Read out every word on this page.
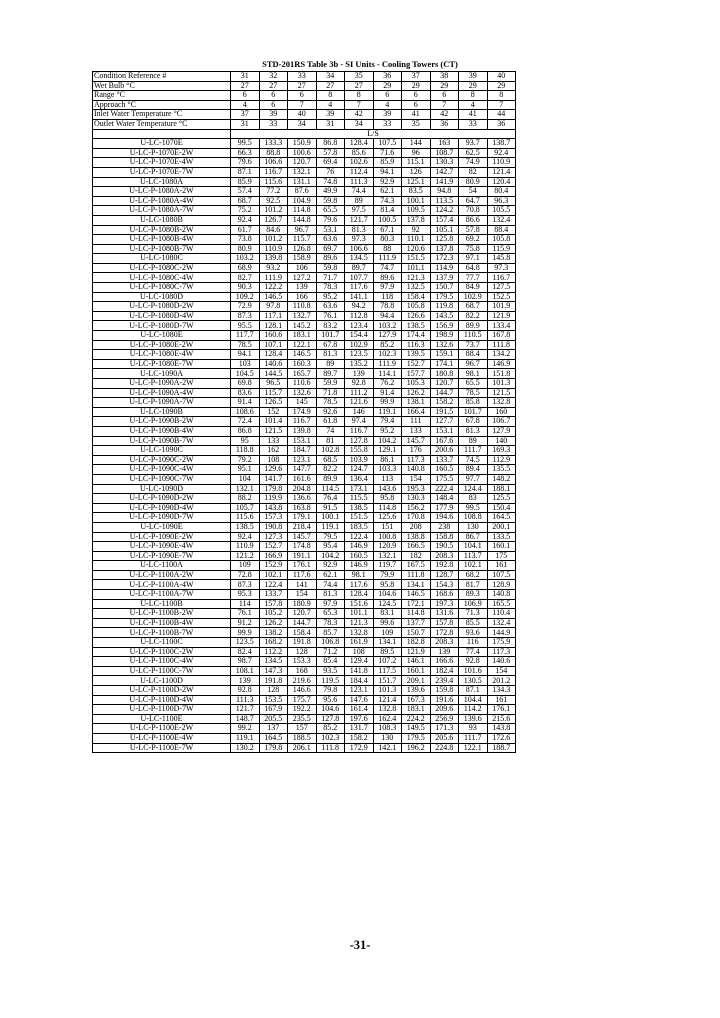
STD-201RS Table 3b - SI Units - Cooling Towers (CT)
Condition Reference #	31	32	33	34	35	36	37	38	39	40
Wet Bulb °C	27	27	27	27	27	29	29	29	29	29
Range °C	6	6	6	8	8	6	6	6	8	8
Approach °C	4	6	7	4	7	4	6	7	4	7
Inlet Water Temperature °C	37	39	40	39	42	39	41	42	41	44
Outlet Water Temperature °C	31	33	34	31	34	33	35	36	33	36
	L/S									
U-LC-1070E	99.5	133.3	150.9	86.8	128.4	107.5	144	163	93.7	138.7
U-LC-P-1070E-2W	66.3	88.8	100.6	57.8	85.6	71.6	96	108.7	62.5	92.4
U-LC-P-1070E-4W	79.6	106.6	120.7	69.4	102.6	85.9	115.1	130.3	74.9	110.9
U-LC-P-1070E-7W	87.1	116.7	132.1	76	112.4	94.1	126	142.7	82	121.4
U-LC-1080A	85.9	115.6	131.1	74.8	111.3	92.9	125.1	141.9	80.9	120.4
U-LC-P-1080A-2W	57.4	77.2	87.6	49.9	74.4	62.1	83.5	94.8	54	80.4
U-LC-P-1080A-4W	68.7	92.5	104.9	59.8	89	74.3	100.1	113.5	64.7	96.3
U-LC-P-1080A-7W	75.2	101.2	114.8	65.5	97.5	81.4	109.5	124.2	70.8	105.5
U-LC-1080B	92.4	126.7	144.8	79.6	121.7	100.5	137.8	157.4	86.6	132.4
U-LC-P-1080B-2W	61.7	84.6	96.7	53.1	81.3	67.1	92	105.1	57.8	88.4
U-LC-P-1080B-4W	73.8	101.2	115.7	63.6	97.3	80.3	110.1	125.8	69.2	105.8
U-LC-P-1080B-7W	80.9	110.9	126.8	69.7	106.6	88	120.6	137.8	75.8	115.9
U-LC-1080C	103.2	139.8	158.9	89.6	134.5	111.9	151.5	172.3	97.1	145.8
U-LC-P-1080C-2W	68.9	93.2	106	59.8	89.7	74.7	101.1	114.9	64.8	97.3
U-LC-P-1080C-4W	82.7	111.9	127.2	71.7	107.7	89.6	121.3	137.9	77.7	116.7
U-LC-P-1080C-7W	90.3	122.2	139	78.3	117.6	97.9	132.5	150.7	84.9	127.5
U-LC-1080D	109.2	146.5	166	95.2	141.1	118	158.4	179.5	102.9	152.5
U-LC-P-1080D-2W	72.9	97.8	110.8	63.6	94.2	78.8	105.8	119.8	68.7	101.9
U-LC-P-1080D-4W	87.3	117.1	132.7	76.1	112.8	94.4	126.6	143.5	82.2	121.9
U-LC-P-1080D-7W	95.5	128.1	145.2	83.2	123.4	103.2	138.5	156.9	89.9	133.4
U-LC-1080E	117.7	160.6	183.1	101.7	154.4	127.9	174.4	198.9	110.5	167.8
U-LC-P-1080E-2W	78.5	107.1	122.1	67.8	102.9	85.2	116.3	132.6	73.7	111.8
U-LC-P-1080E-4W	94.1	128.4	146.5	81.3	123.5	102.3	139.5	159.1	88.4	134.2
U-LC-P-1080E-7W	103	140.6	160.3	89	135.2	111.9	152.7	174.1	96.7	146.9
U-LC-1090A	104.5	144.5	165.7	89.7	139	114.1	157.7	180.8	98.1	151.8
U-LC-P-1090A-2W	69.8	96.5	110.6	59.9	92.8	76.2	105.3	120.7	65.5	101.3
U-LC-P-1090A-4W	83.6	115.7	132.6	71.8	111.2	91.4	126.2	144.7	78.5	121.5
U-LC-P-1090A-7W	91.4	126.5	145	78.5	121.6	99.9	138.1	158.2	85.8	132.8
U-LC-1090B	108.6	152	174.9	92.6	146	119.1	166.4	191.5	101.7	160
U-LC-P-1090B-2W	72.4	101.4	116.7	61.8	97.4	79.4	111	127.7	67.8	106.7
U-LC-P-1090B-4W	86.8	121.5	139.8	74	116.7	95.2	133	153.1	81.3	127.9
U-LC-P-1090B-7W	95	133	153.1	81	127.8	104.2	145.7	167.6	89	140
U-LC-1090C	118.8	162	184.7	102.8	155.8	129.1	176	200.6	111.7	169.3
U-LC-P-1090C-2W	79.2	108	123.1	68.5	103.9	86.1	117.3	133.7	74.5	112.9
U-LC-P-1090C-4W	95.1	129.6	147.7	82.2	124.7	103.3	140.8	160.5	89.4	135.5
U-LC-P-1090C-7W	104	141.7	161.6	89.9	136.4	113	154	175.5	97.7	148.2
U-LC-1090D	132.1	179.8	204.8	114.5	173.1	143.6	195.3	222.4	124.4	188.1
U-LC-P-1090D-2W	88.2	119.9	136.6	76.4	115.5	95.8	130.3	148.4	83	125.5
U-LC-P-1090D-4W	105.7	143.8	163.8	91.5	138.5	114.8	156.2	177.9	99.5	150.4
U-LC-P-1090D-7W	115.6	157.3	179.1	100.1	151.5	125.6	170.8	194.6	108.8	164.5
U-LC-1090E	138.5	190.8	218.4	119.1	183.5	151	208	238	130	200.1
U-LC-P-1090E-2W	92.4	127.3	145.7	79.5	122.4	100.8	138.8	158.8	86.7	133.5
U-LC-P-1090E-4W	110.9	152.7	174.8	95.4	146.9	120.9	166.5	190.5	104.1	160.1
U-LC-P-1090E-7W	121.2	166.9	191.1	104.2	160.5	132.1	182	208.3	113.7	175
U-LC-1100A	109	152.9	176.1	92.9	146.9	119.7	167.5	192.8	102.1	161
U-LC-P-1100A-2W	72.8	102.1	117.6	62.1	98.1	79.9	111.8	128.7	68.2	107.5
U-LC-P-1100A-4W	87.3	122.4	141	74.4	117.6	95.8	134.1	154.3	81.7	128.9
U-LC-P-1100A-7W	95.3	133.7	154	81.3	128.4	104.6	146.5	168.6	89.3	140.8
U-LC-1100B	114	157.8	180.9	97.9	151.6	124.5	172.1	197.3	106.9	165.5
U-LC-P-1100B-2W	76.1	105.2	120.7	65.3	101.1	83.1	114.8	131.6	71.3	110.4
U-LC-P-1100B-4W	91.2	126.2	144.7	78.3	121.3	99.6	137.7	157.8	85.5	132.4
U-LC-P-1100B-7W	99.9	138.2	158.4	85.7	132.8	109	150.7	172.8	93.6	144.9
U-LC-1100C	123.5	168.2	191.8	106.8	161.9	134.1	182.8	208.3	116	175.9
U-LC-P-1100C-2W	82.4	112.2	128	71.2	108	89.5	121.9	139	77.4	117.3
U-LC-P-1100C-4W	98.7	134.5	153.3	85.4	129.4	107.2	146.1	166.6	92.8	140.6
U-LC-P-1100C-7W	108.1	147.3	168	93.5	141.8	117.5	160.1	182.4	101.6	154
U-LC-1100D	139	191.8	219.6	119.5	184.4	151.7	209.1	239.4	130.5	201.2
U-LC-P-1100D-2W	92.8	128	146.6	79.8	123.1	101.3	139.6	159.8	87.1	134.3
U-LC-P-1100D-4W	111.3	153.5	175.7	95.6	147.6	121.4	167.3	191.6	104.4	161
U-LC-P-1100D-7W	121.7	167.9	192.2	104.6	161.4	132.8	183.1	209.6	114.2	176.1
U-LC-1100E	148.7	205.5	235.5	127.8	197.6	162.4	224.2	256.9	139.6	215.6
U-LC-P-1100E-2W	99.2	137	157	85.2	131.7	108.3	149.5	171.3	93	143.8
U-LC-P-1100E-4W	119.1	164.5	188.5	102.3	158.2	130	179.5	205.6	111.7	172.6
U-LC-P-1100E-7W	130.2	179.8	206.1	111.8	172.9	142.1	196.2	224.8	122.1	188.7
-31-
